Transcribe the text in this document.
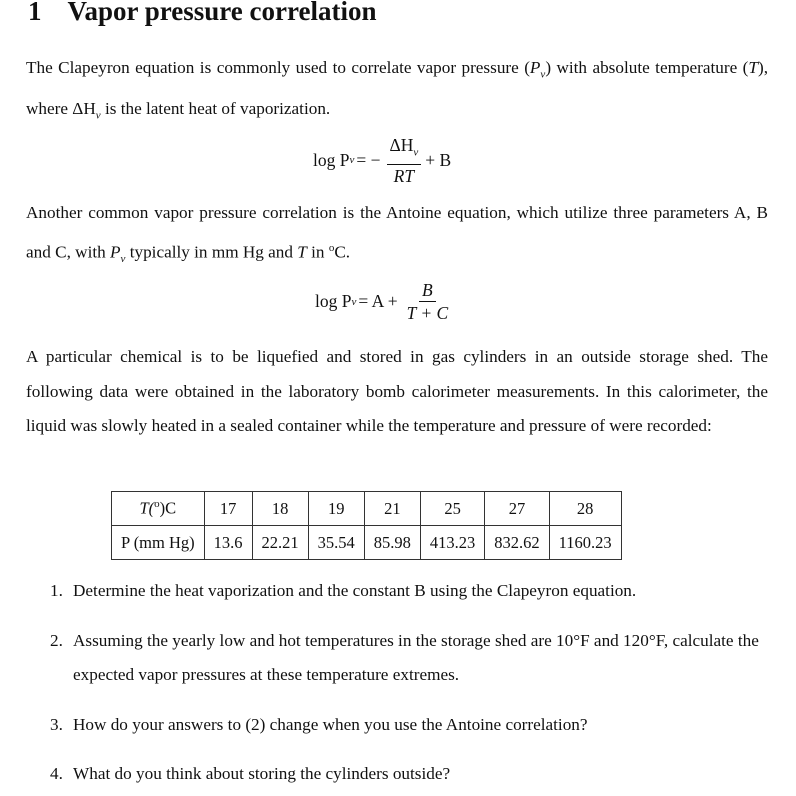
1 Vapor pressure correlation

The Clapeyron equation is commonly used to correlate vapor pressure $(P_v)$ with absolute temperature (T), where $\Delta H_v$ is the latent heat of vaporization.

log P v = − $\frac{\Delta H_v}{RT} + B$

Another common vapor pressure correlation is the Antoine equation, which utilize three parameters A, B and C, with $P_v$ typically in mm Hg and T in $^o$C.

log P $v = A + \frac{B}{T + C}$

A particular chemical is to be liquefied and stored in gas cylinders in an outside storage shed. The following data were obtained in the laboratory bomb calorimeter measurements. In this calorimeter, the liquid was slowly heated in a sealed container while the temperature and pressure of were recorded:

T($^o$)C	17	18	19	21	25	27	28
P (mm Hg)	13.6	22.21	35.54	85.98	413.23	832.62	1160.23
1. Determine the heat vaporization and the constant B using the Clapeyron equation.
2. Assuming the yearly low and hot temperatures in the storage shed are 10°F and 120°F, calculate the expected vapor pressures at these temperature extremes.
3. How do your answers to (2) change when you use the Antoine correlation?
4. What do you think about storing the cylinders outside?
